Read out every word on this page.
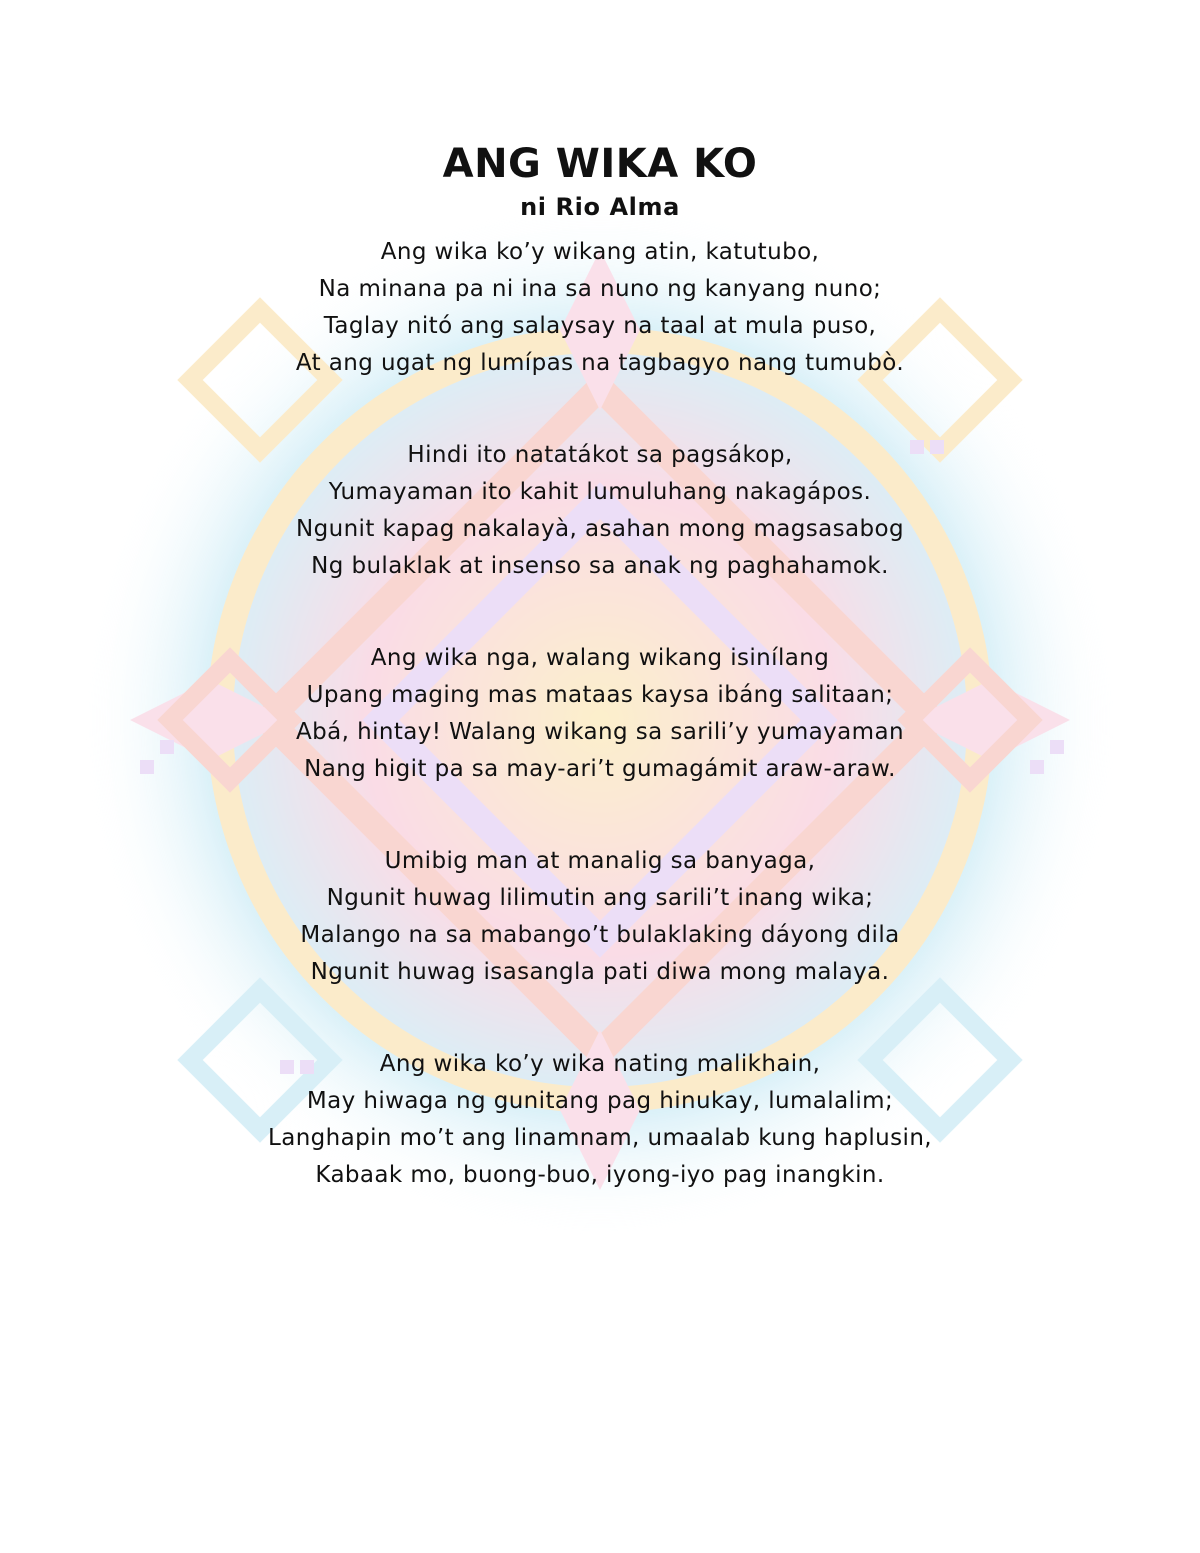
ANG WIKA KO
ni Rio Alma
Ang wika ko’y wikang atin, katutubo,
Na minana pa ni ina sa nuno ng kanyang nuno;
Taglay nitó ang salaysay na taal at mula puso,
At ang ugat ng lumípas na tagbagyo nang tumubò.
Hindi ito natatákot sa pagsákop,
Yumayaman ito kahit lumuluhang nakagápos.
Ngunit kapag nakalayà, asahan mong magsasabog
Ng bulaklak at insenso sa anak ng paghahamok.
Ang wika nga, walang wikang isinílang
Upang maging mas mataas kaysa ibáng salitaan;
Abá, hintay! Walang wikang sa sarili’y yumayaman
Nang higit pa sa may-ari’t gumagámit araw-araw.
Umibig man at manalig sa banyaga,
Ngunit huwag lilimutin ang sarili’t inang wika;
Malango na sa mabango’t bulaklaking dáyong dila
Ngunit huwag isasangla pati diwa mong malaya.
Ang wika ko’y wika nating malikhain,
May hiwaga ng gunitang pag hinukay, lumalalim;
Langhapin mo’t ang linamnam, umaalab kung haplusin,
Kabaak mo, buong-buo, iyong-iyo pag inangkin.
